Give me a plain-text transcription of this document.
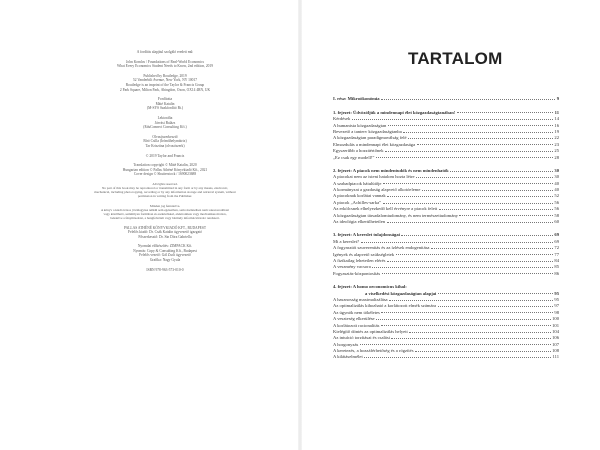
A fordítás alapjául szolgáló eredeti mű:
John Komlos / Foundations of Real-World Economics
What Every Economics Student Needs to Know, 2nd edition, 2019
Published by Routledge, 2019
52 Vanderbilt Avenue, New York, NY 10017
Routledge is an imprint of the Taylor & Francis Group
2 Park Square, Milton Park, Abingdon, Oxon, OX14 4RN, UK
Fordította
Máté Katalin
(M-SYS Szakfordító Bt.)
Lektorálta
Járvási Balázs
(EduConnect Consulting Kft.)
Olvasószerkesztő
Bíró Csilla (Íróműhelymátrix)
Tar Krisztina (olvasószerk)
© 2019 Taylor and Francis
Translation copyright © Máté Katalin, 2020
Hungarian edition © Pallas Athéné Könyvkiadó Kft., 2021
Cover design © Shutterstock / 1690023688
All rights reserved.
No part of this book may be reproduced or transmitted in any form or by any means, electronic,
mechanical, including photocopying, recording or by any information storage and retrieval system, without
permission in writing from the Publisher.
Minden jog fenntartva.
A könyv a kiadó írásos jóváhagyása nélkül sem egészében, sem részleteiben nem sokszorosítható
vagy közölhető, semmilyen formában és eszközökkel, elektronikus vagy mechanikus módon,
beleértve a fénymásolást, a hangfelvételt vagy bármely információtároló rendszert.
PALLAS ATHÉNÉ KÖNYVKIADÓ KFT., BUDAPEST
Felelős kiadó: Dr. Csák Katalin ügyvezető igazgató
Főszerkesztő: Dr. Sin Dóra Gabriella
Nyomdai előkészítés: ZIMPACK Kft.
Nyomás: Copy & Consulting Kft., Budapest
Felelős vezető: Gál Zsolt ügyvezető
Grafika: Nagy Gyula
ISBN 978-963-573-010-0
TARTALOM
I. rész: Mikroökonómia	9
1. fejezet: Üdvözöljük a mindennapi élet közgazdaságtanában!	11
Kérdések	14
A humanista közgazdaságtan	16
Bevezető a tanterv közgazdaságtanba	19
A közgazdaságtan paradigmaválság felé	22
Elmozdulás a mindennapi élet közgazdasága	23
Egyszerűbb a hozzáértőnek	25
„Ez csak egy modell!”	28
2. fejezet: A piacok nem mindentudók és nem mindenhatók	30
A piacokat nem az isteni hatalom hozta létre	30
A szabadpiacok hátulütője	40
A kormányzat a gazdaság alapvető alkotóeleme	40
A piacoknak korlátai vannak	52
A piacok „Achilles-sarka”	56
Az erkölcsnek elhelyezkedő kell érvényre a piacok felett	56
A közgazdaságtan társadalomtudomány, és nem természettudomány	58
Az ideológia elkerülhetetlen	60
3. fejezet: A kereslet tulajdonságai	69
Mi a kereslet?	69
A fogyasztói szuverenitás és az ízlések endogenitása	72
Igények és alapvető szükségletek	77
A fizikailag lehetetlen elérés	84
A veszmény vacsora	85
Fogyasztás-központosítás	86
4. fejezet: A homo oeconomicus kihal:
a viselkedési közgazdaságtan alapjai	95
A hasznosság maximalizálása	95
Az optimalizálás kihozható a korlátozott elmék számára	97
Az ügynök nem tökéletes	98
A veszteség elkerülése	100
A korlátozott racionalitás	101
Kielégítő döntés az optimalizálás helyett	104
Az intuíció torzításai és csalási	106
A horgonyzás	107
A keretezés, a hozzáférhetőség és a rögzítés	108
A kilátáselmélet	111
